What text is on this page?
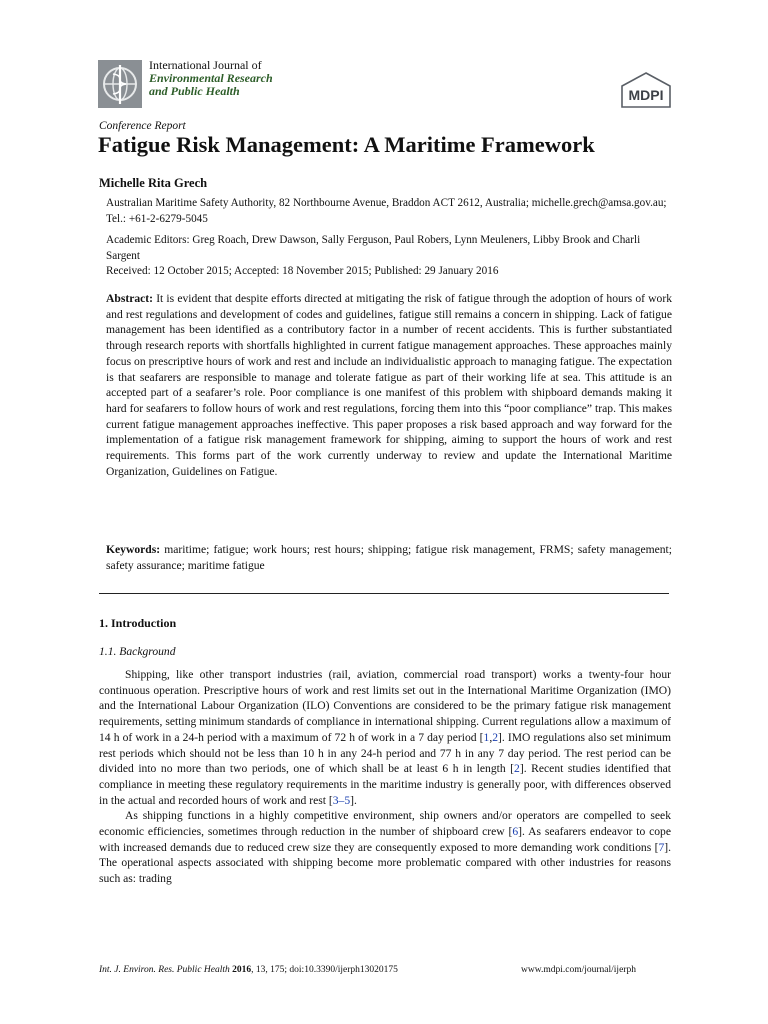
International Journal of
Environmental Research
and Public Health	MDPI
Conference Report
Fatigue Risk Management: A Maritime Framework
Michelle Rita Grech
Australian Maritime Safety Authority, 82 Northbourne Avenue, Braddon ACT 2612, Australia; michelle.grech@amsa.gov.au; Tel.: +61-2-6279-5045
Academic Editors: Greg Roach, Drew Dawson, Sally Ferguson, Paul Robers, Lynn Meuleners, Libby Brook and Charli Sargent
Received: 12 October 2015; Accepted: 18 November 2015; Published: 29 January 2016
Abstract: It is evident that despite efforts directed at mitigating the risk of fatigue through the adoption of hours of work and rest regulations and development of codes and guidelines, fatigue still remains a concern in shipping. Lack of fatigue management has been identified as a contributory factor in a number of recent accidents. This is further substantiated through research reports with shortfalls highlighted in current fatigue management approaches. These approaches mainly focus on prescriptive hours of work and rest and include an individualistic approach to managing fatigue. The expectation is that seafarers are responsible to manage and tolerate fatigue as part of their working life at sea. This attitude is an accepted part of a seafarer’s role. Poor compliance is one manifest of this problem with shipboard demands making it hard for seafarers to follow hours of work and rest regulations, forcing them into this “poor compliance” trap. This makes current fatigue management approaches ineffective. This paper proposes a risk based approach and way forward for the implementation of a fatigue risk management framework for shipping, aiming to support the hours of work and rest requirements. This forms part of the work currently underway to review and update the International Maritime Organization, Guidelines on Fatigue.
Keywords: maritime; fatigue; work hours; rest hours; shipping; fatigue risk management, FRMS; safety management; safety assurance; maritime fatigue
1. Introduction
1.1. Background

Shipping, like other transport industries (rail, aviation, commercial road transport) works a twenty-four hour continuous operation. Prescriptive hours of work and rest limits set out in the International Maritime Organization (IMO) and the International Labour Organization (ILO) Conventions are considered to be the primary fatigue risk management requirements, setting minimum standards of compliance in international shipping. Current regulations allow a maximum of 14 h of work in a 24-h period with a maximum of 72 h of work in a 7 day period [1,2]. IMO regulations also set minimum rest periods which should not be less than 10 h in any 24-h period and 77 h in any 7 day period. The rest period can be divided into no more than two periods, one of which shall be at least 6 h in length [2]. Recent studies identified that compliance in meeting these regulatory requirements in the maritime industry is generally poor, with differences observed in the actual and recorded hours of work and rest [3–5].

As shipping functions in a highly competitive environment, ship owners and/or operators are compelled to seek economic efficiencies, sometimes through reduction in the number of shipboard crew [6]. As seafarers endeavor to cope with increased demands due to reduced crew size they are consequently exposed to more demanding work conditions [7]. The operational aspects associated with shipping become more problematic compared with other industries for reasons such as: trading

Int. J. Environ. Res. Public Health 2016, 13, 175; doi:10.3390/ijerph13020175	www.mdpi.com/journal/ijerph
